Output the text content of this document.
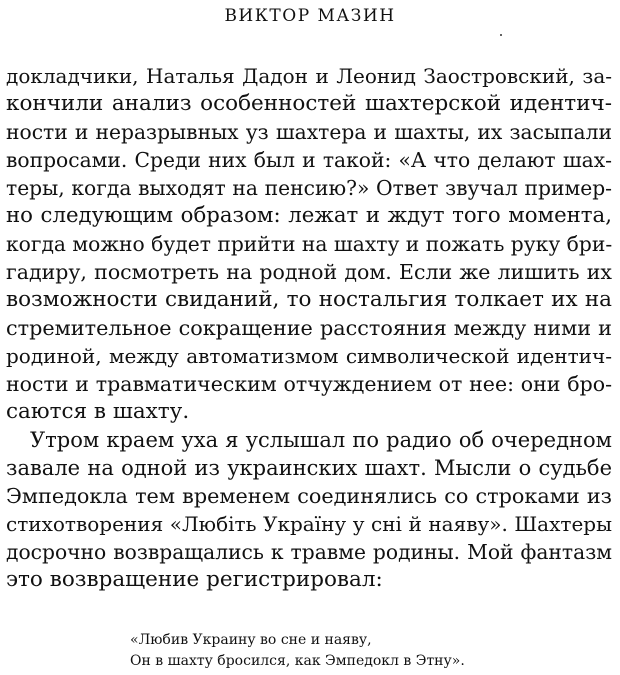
ВИКТОР МАЗИН
докладчики, Наталья Дадон и Леонид Заостровский, за-
кончили анализ особенностей шахтерской идентич-
ности и неразрывных уз шахтера и шахты, их засыпали
вопросами. Среди них был и такой: «А что делают шах-
теры, когда выходят на пенсию?» Ответ звучал пример-
но следующим образом: лежат и ждут того момента,
когда можно будет прийти на шахту и пожать руку бри-
гадиру, посмотреть на родной дом. Если же лишить их
возможности свиданий, то ностальгия толкает их на
стремительное сокращение расстояния между ними и
родиной, между автоматизмом символической идентич-
ности и травматическим отчуждением от нее: они бро-
саются в шахту.
Утром краем уха я услышал по радио об очередном
завале на одной из украинских шахт. Мысли о судьбе
Эмпедокла тем временем соединялись со строками из
стихотворения «Любіть Україну у сні й наяву». Шахтеры
досрочно возвращались к травме родины. Мой фантазм
это возвращение регистрировал:
«Любив Украину во сне и наяву,
Он в шахту бросился, как Эмпедокл в Этну».
